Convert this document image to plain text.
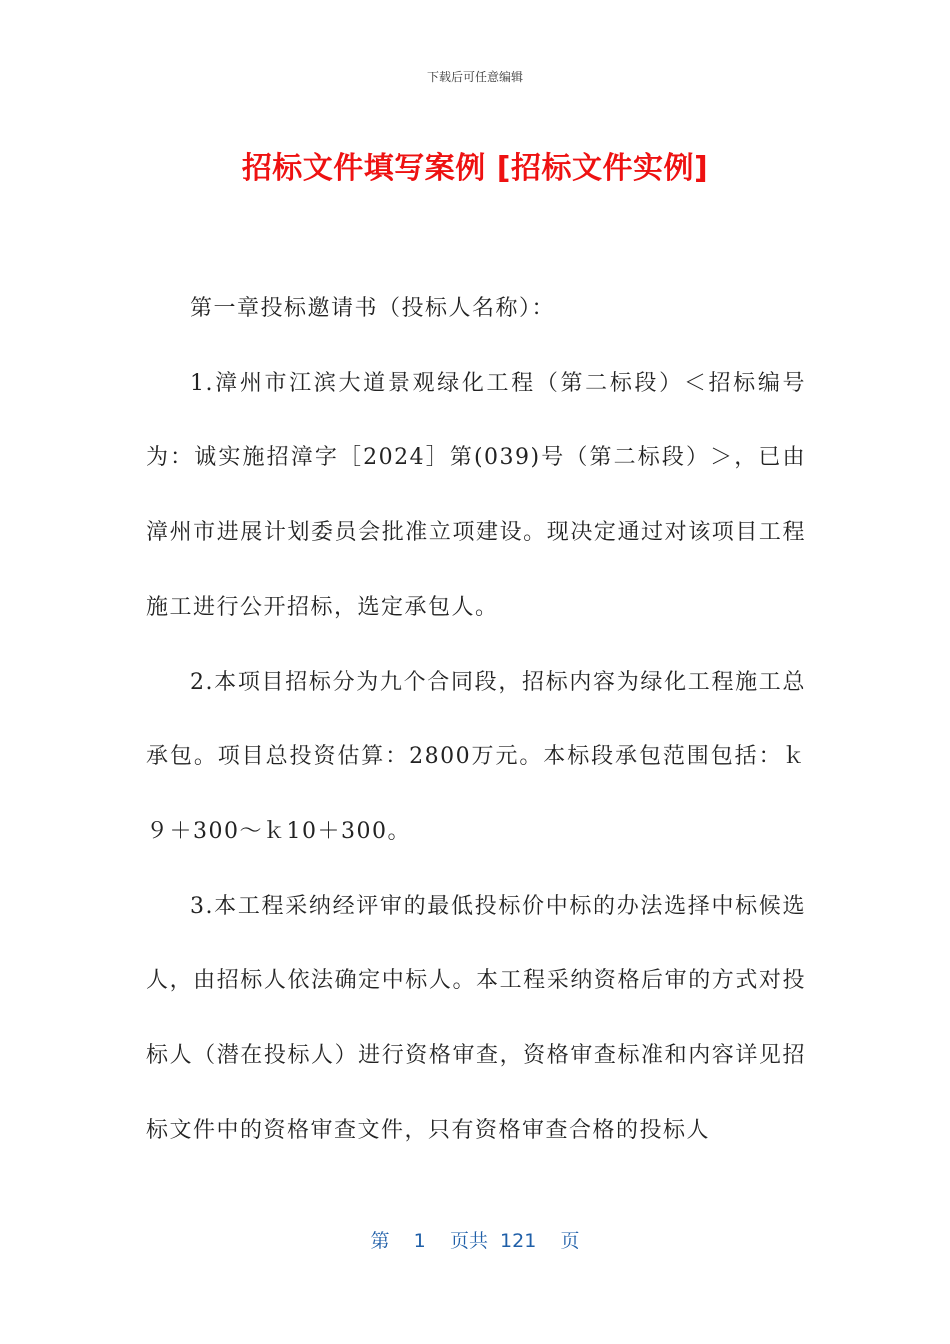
下载后可任意编辑
招标文件填写案例 [招标文件实例]

第一章投标邀请书（投标人名称）：

1.漳州市江滨大道景观绿化工程（第二标段）＜招标编号为：诚实施招漳字［2024］第(039)号（第二标段）＞，已由漳州市进展计划委员会批准立项建设。现决定通过对该项目工程施工进行公开招标，选定承包人。

2.本项目招标分为九个合同段，招标内容为绿化工程施工总承包。项目总投资估算：2800万元。本标段承包范围包括：ｋ９＋300～ｋ10＋300。

3.本工程采纳经评审的最低投标价中标的办法选择中标候选人，由招标人依法确定中标人。本工程采纳资格后审的方式对投标人（潜在投标人）进行资格审查，资格审查标准和内容详见招标文件中的资格审查文件，只有资格审查合格的投标人

第 1 页共 121 页
